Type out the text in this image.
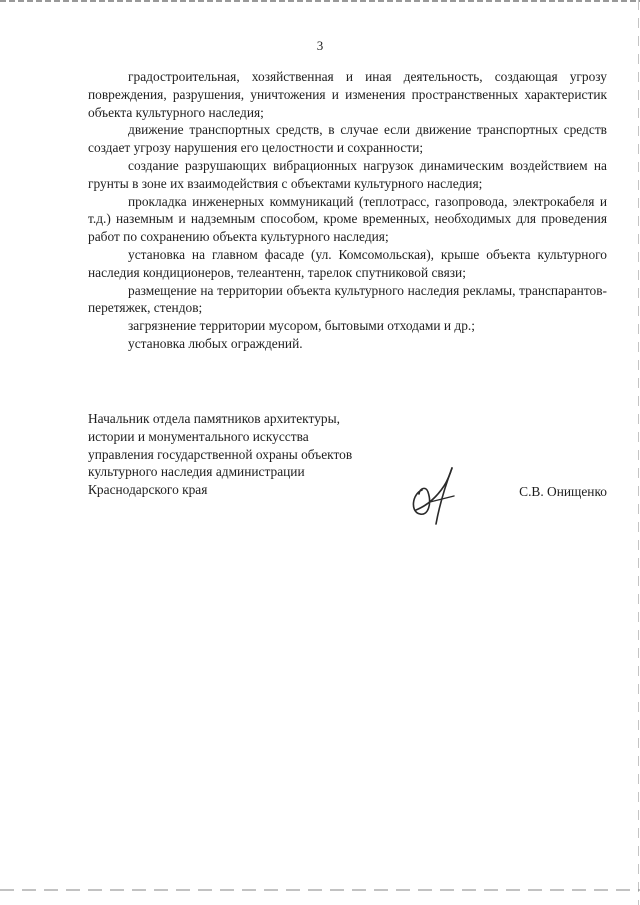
3

градостроительная, хозяйственная и иная деятельность, создающая угрозу повреждения, разрушения, уничтожения и изменения пространственных характеристик объекта культурного наследия;

движение транспортных средств, в случае если движение транспортных средств создает угрозу нарушения его целостности и сохранности;

создание разрушающих вибрационных нагрузок динамическим воздействием на грунты в зоне их взаимодействия с объектами культурного наследия;

прокладка инженерных коммуникаций (теплотрасс, газопровода, электрокабеля и т.д.) наземным и надземным способом, кроме временных, необходимых для проведения работ по сохранению объекта культурного наследия;

установка на главном фасаде (ул. Комсомольская), крыше объекта культурного наследия кондиционеров, телеантенн, тарелок спутниковой связи;

размещение на территории объекта культурного наследия рекламы, транспарантов-перетяжек, стендов;

загрязнение территории мусором, бытовыми отходами и др.;

установка любых ограждений.

Начальник отдела памятников архитектуры,
истории и монументального искусства
управления государственной охраны объектов
культурного наследия администрации
Краснодарского края	С.В. Онищенко
